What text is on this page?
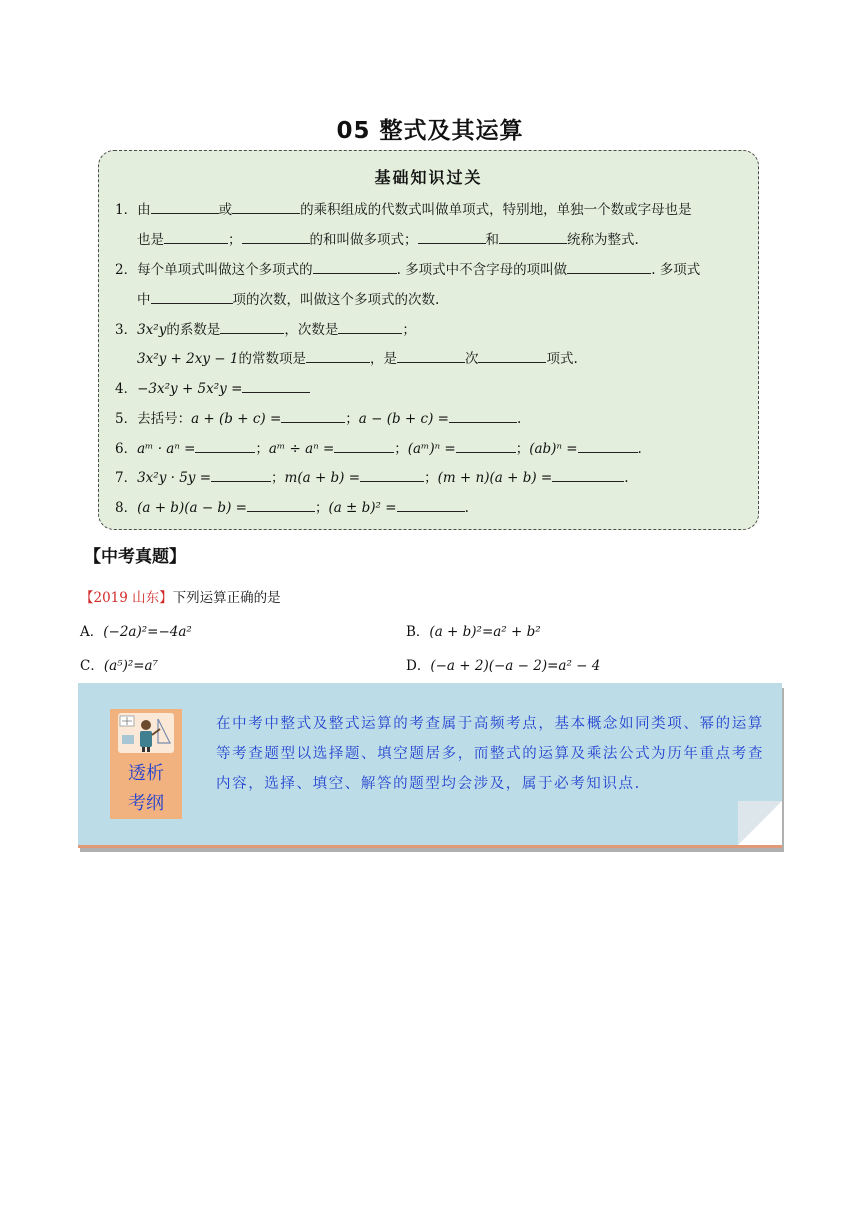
05 整式及其运算
基础知识过关
1．由	或	的乘积组成的代数式叫做单项式，特别地，单独一个数或字母也是
也是	；	的和叫做多项式；	和	统称为整式.
2．每个单项式叫做这个多项式的	. 多项式中不含字母的项叫做	. 多项式
中	项的次数，叫做这个多项式的次数.
3．3x²y的系数是	，次数是	；
3x²y + 2xy − 1的常数项是	，是	次	项式.
4．−3x²y + 5x²y =
5．去括号：a + (b + c) =	；a − (b + c) =	.
6．aᵐ · aⁿ =	；aᵐ ÷ aⁿ =	；(aᵐ)ⁿ =	；(ab)ⁿ =	.
7．3x²y · 5y =	；m(a + b) =	；(m + n)(a + b) =	.
8．(a + b)(a − b) =	；(a ± b)² =	.
【中考真题】
【2019 山东】下列运算正确的是
A．(−2a)²=−4a²	B．(a + b)²=a² + b²
C．(a⁵)²=a⁷	D．(−a + 2)(−a − 2)=a² − 4
透析
考纲
在中考中整式及整式运算的考查属于高频考点，基本概念如同类项、幂的运算等考查题型以选择题、填空题居多，而整式的运算及乘法公式为历年重点考查内容，选择、填空、解答的题型均会涉及，属于必考知识点.
